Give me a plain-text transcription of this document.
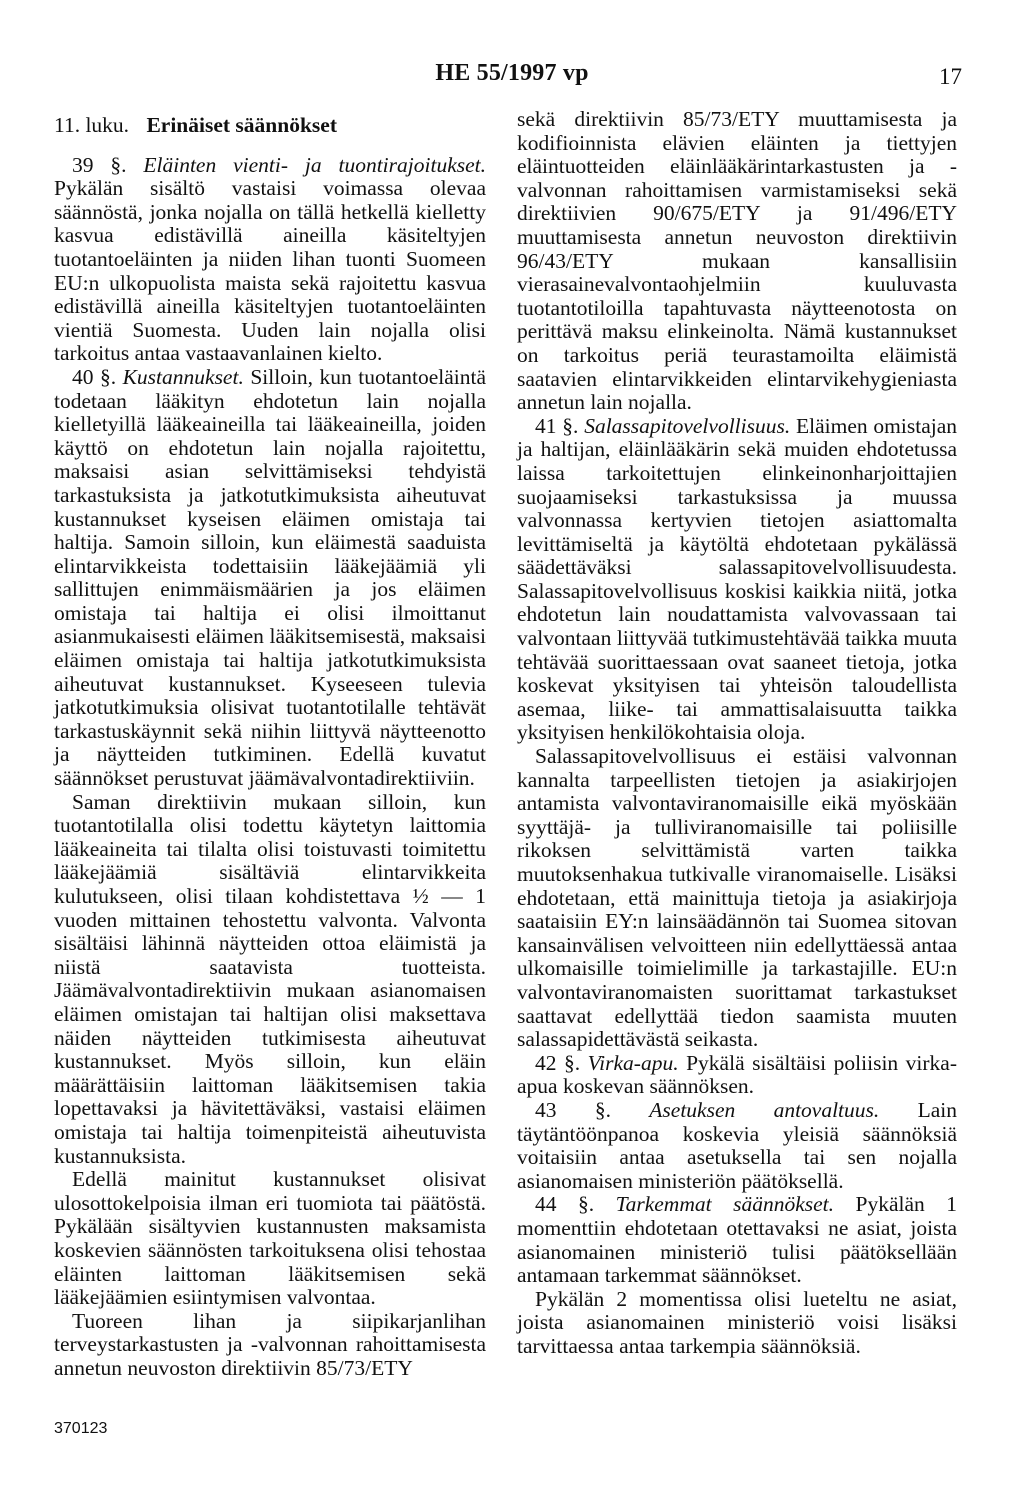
HE 55/1997 vp	17
11. luku. Erinäiset säännökset

39 §. Eläinten vienti- ja tuontirajoitukset. Pykälän sisältö vastaisi voimassa olevaa säännöstä, jonka nojalla on tällä hetkellä kielletty kasvua edistävillä aineilla käsiteltyjen tuotantoeläinten ja niiden lihan tuonti Suomeen EU:n ulkopuolista maista sekä rajoitettu kasvua edistävillä aineilla käsiteltyjen tuotantoeläinten vientiä Suomesta. Uuden lain nojalla olisi tarkoitus antaa vastaavanlainen kielto.

40 §. Kustannukset. Silloin, kun tuotantoeläintä todetaan lääkityn ehdotetun lain nojalla kielletyillä lääkeaineilla tai lääkeaineilla, joiden käyttö on ehdotetun lain nojalla rajoitettu, maksaisi asian selvittämiseksi tehdyistä tarkastuksista ja jatkotutkimuksista aiheutuvat kustannukset kyseisen eläimen omistaja tai haltija. Samoin silloin, kun eläimestä saaduista elintarvikkeista todettaisiin lääkejäämiä yli sallittujen enimmäismäärien ja jos eläimen omistaja tai haltija ei olisi ilmoittanut asianmukaisesti eläimen lääkitsemisestä, maksaisi eläimen omistaja tai haltija jatkotutkimuksista aiheutuvat kustannukset. Kyseeseen tulevia jatkotutkimuksia olisivat tuotantotilalle tehtävät tarkastuskäynnit sekä niihin liittyvä näytteenotto ja näytteiden tutkiminen. Edellä kuvatut säännökset perustuvat jäämävalvontadirektiiviin.

Saman direktiivin mukaan silloin, kun tuotantotilalla olisi todettu käytetyn laittomia lääkeaineita tai tilalta olisi toistuvasti toimitettu lääkejäämiä sisältäviä elintarvikkeita kulutukseen, olisi tilaan kohdistettava ½ — 1 vuoden mittainen tehostettu valvonta. Valvonta sisältäisi lähinnä näytteiden ottoa eläimistä ja niistä saatavista tuotteista. Jäämävalvontadirektiivin mukaan asianomaisen eläimen omistajan tai haltijan olisi maksettava näiden näytteiden tutkimisesta aiheutuvat kustannukset. Myös silloin, kun eläin määrättäisiin laittoman lääkitsemisen takia lopettavaksi ja hävitettäväksi, vastaisi eläimen omistaja tai haltija toimenpiteistä aiheutuvista kustannuksista.

Edellä mainitut kustannukset olisivat ulosottokelpoisia ilman eri tuomiota tai päätöstä. Pykälään sisältyvien kustannusten maksamista koskevien säännösten tarkoituksena olisi tehostaa eläinten laittoman lääkitsemisen sekä lääkejäämien esiintymisen valvontaa.

Tuoreen lihan ja siipikarjanlihan terveystarkastusten ja -valvonnan rahoittamisesta annetun neuvoston direktiivin 85/73/ETY

sekä direktiivin 85/73/ETY muuttamisesta ja kodifioinnista elävien eläinten ja tiettyjen eläintuotteiden eläinlääkärintarkastusten ja -valvonnan rahoittamisen varmistamiseksi sekä direktiivien 90/675/ETY ja 91/496/ETY muuttamisesta annetun neuvoston direktiivin 96/43/ETY mukaan kansallisiin vierasainevalvontaohjelmiin kuuluvasta tuotantotiloilla tapahtuvasta näytteenotosta on perittävä maksu elinkeinolta. Nämä kustannukset on tarkoitus periä teurastamoilta eläimistä saatavien elintarvikkeiden elintarvikehygieniasta annetun lain nojalla.

41 §. Salassapitovelvollisuus. Eläimen omistajan ja haltijan, eläinlääkärin sekä muiden ehdotetussa laissa tarkoitettujen elinkeinonharjoittajien suojaamiseksi tarkastuksissa ja muussa valvonnassa kertyvien tietojen asiattomalta levittämiseltä ja käytöltä ehdotetaan pykälässä säädettäväksi salassapitovelvollisuudesta. Salassapitovelvollisuus koskisi kaikkia niitä, jotka ehdotetun lain noudattamista valvovassaan tai valvontaan liittyvää tutkimustehtävää taikka muuta tehtävää suorittaessaan ovat saaneet tietoja, jotka koskevat yksityisen tai yhteisön taloudellista asemaa, liike- tai ammattisalaisuutta taikka yksityisen henkilökohtaisia oloja.

Salassapitovelvollisuus ei estäisi valvonnan kannalta tarpeellisten tietojen ja asiakirjojen antamista valvontaviranomaisille eikä myöskään syyttäjä- ja tulliviranomaisille tai poliisille rikoksen selvittämistä varten taikka muutoksenhakua tutkivalle viranomaiselle. Lisäksi ehdotetaan, että mainittuja tietoja ja asiakirjoja saataisiin EY:n lainsäädännön tai Suomea sitovan kansainvälisen velvoitteen niin edellyttäessä antaa ulkomaisille toimielimille ja tarkastajille. EU:n valvontaviranomaisten suorittamat tarkastukset saattavat edellyttää tiedon saamista muuten salassapidettävästä seikasta.

42 §. Virka-apu. Pykälä sisältäisi poliisin virka-apua koskevan säännöksen.

43 §. Asetuksen antovaltuus. Lain täytäntöönpanoa koskevia yleisiä säännöksiä voitaisiin antaa asetuksella tai sen nojalla asianomaisen ministeriön päätöksellä.

44 §. Tarkemmat säännökset. Pykälän 1 momenttiin ehdotetaan otettavaksi ne asiat, joista asianomainen ministeriö tulisi päätöksellään antamaan tarkemmat säännökset.

Pykälän 2 momentissa olisi lueteltu ne asiat, joista asianomainen ministeriö voisi lisäksi tarvittaessa antaa tarkempia säännöksiä.

370123
